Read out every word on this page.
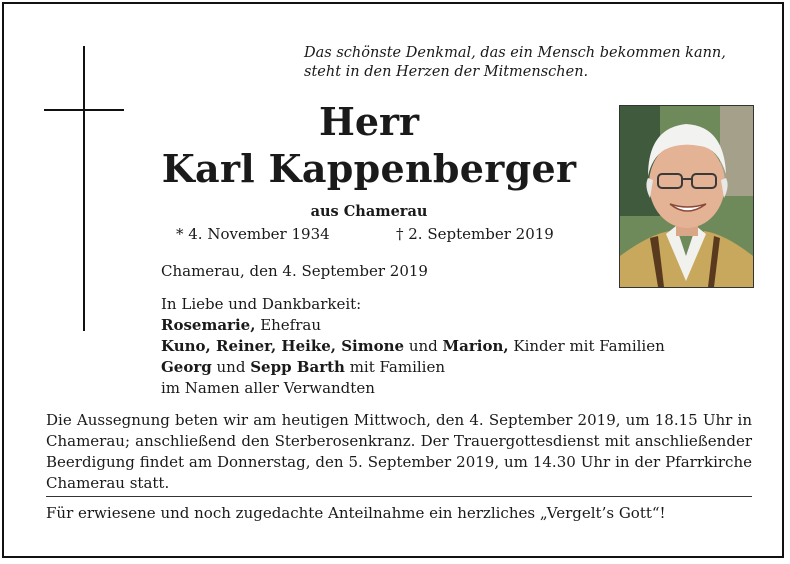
Das schönste Denkmal, das ein Mensch bekommen kann,
steht in den Herzen der Mitmenschen.
Herr
Karl Kappenberger
aus Chamerau
* 4. November 1934	† 2. September 2019
Chamerau, den 4. September 2019
In Liebe und Dankbarkeit:
Rosemarie, Ehefrau
Kuno, Reiner, Heike, Simone und Marion, Kinder mit Familien
Georg und Sepp Barth mit Familien
im Namen aller Verwandten
Die Aussegnung beten wir am heutigen Mittwoch, den 4. September 2019, um 18.15 Uhr in Chamerau; anschließend den Sterberosenkranz. Der Trauergottesdienst mit anschließender Beerdigung findet am Donnerstag, den 5. September 2019, um 14.30 Uhr in der Pfarrkirche Chamerau statt.
Für erwiesene und noch zugedachte Anteilnahme ein herzliches „Vergelt’s Gott“!
